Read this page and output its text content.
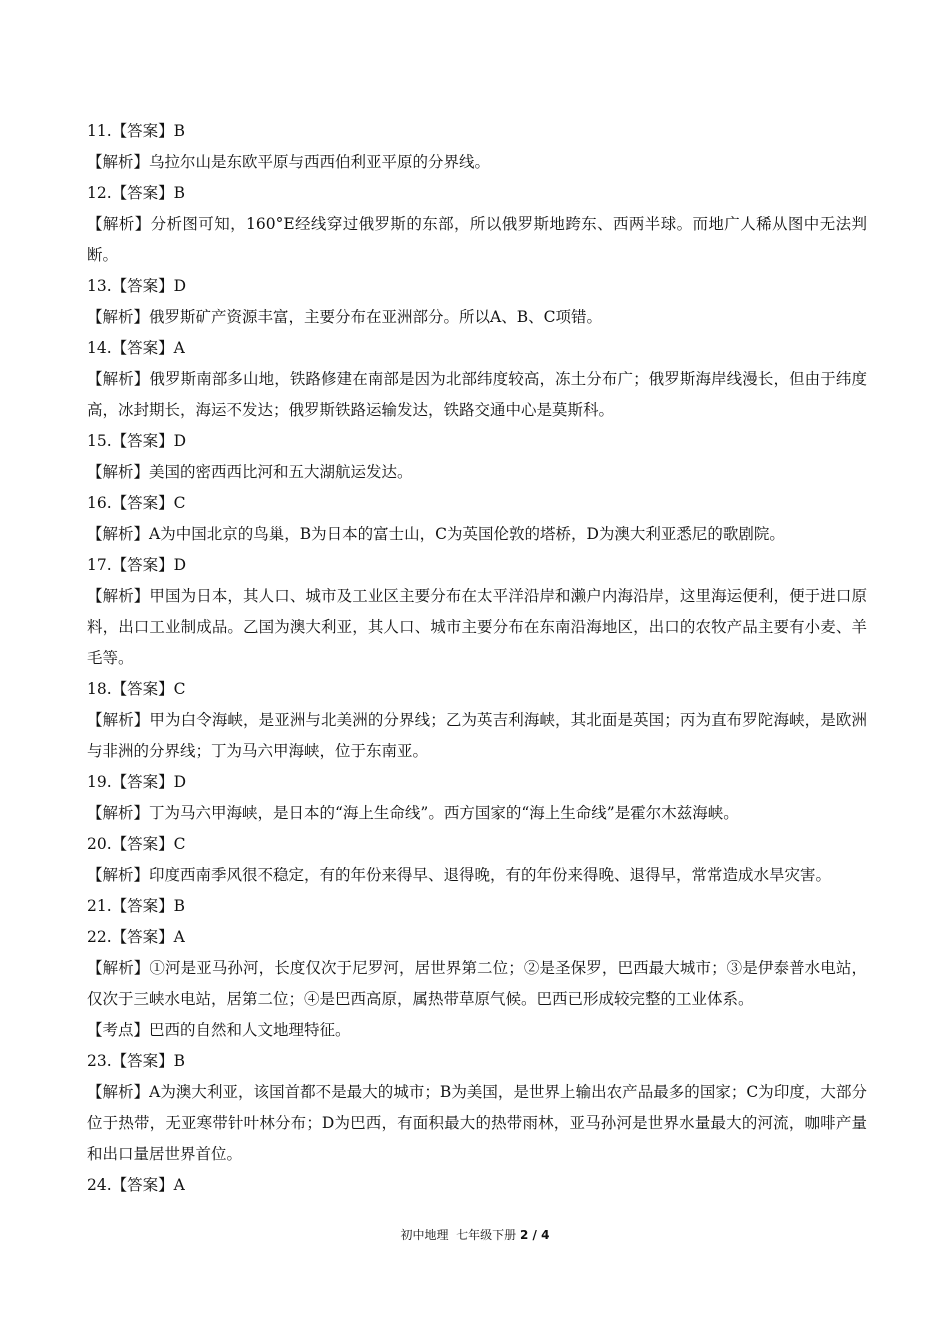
11.【答案】B
【解析】乌拉尔山是东欧平原与西西伯利亚平原的分界线。
12.【答案】B
【解析】分析图可知，160°E经线穿过俄罗斯的东部，所以俄罗斯地跨东、西两半球。而地广人稀从图中无法判断。
13.【答案】D
【解析】俄罗斯矿产资源丰富，主要分布在亚洲部分。所以A、B、C项错。
14.【答案】A
【解析】俄罗斯南部多山地，铁路修建在南部是因为北部纬度较高，冻土分布广；俄罗斯海岸线漫长，但由于纬度高，冰封期长，海运不发达；俄罗斯铁路运输发达，铁路交通中心是莫斯科。
15.【答案】D
【解析】美国的密西西比河和五大湖航运发达。
16.【答案】C
【解析】A为中国北京的鸟巢，B为日本的富士山，C为英国伦敦的塔桥，D为澳大利亚悉尼的歌剧院。
17.【答案】D
【解析】甲国为日本，其人口、城市及工业区主要分布在太平洋沿岸和濑户内海沿岸，这里海运便利，便于进口原料，出口工业制成品。乙国为澳大利亚，其人口、城市主要分布在东南沿海地区，出口的农牧产品主要有小麦、羊毛等。
18.【答案】C
【解析】甲为白令海峡，是亚洲与北美洲的分界线；乙为英吉利海峡，其北面是英国；丙为直布罗陀海峡，是欧洲与非洲的分界线；丁为马六甲海峡，位于东南亚。
19.【答案】D
【解析】丁为马六甲海峡，是日本的“海上生命线”。西方国家的“海上生命线”是霍尔木兹海峡。
20.【答案】C
【解析】印度西南季风很不稳定，有的年份来得早、退得晚，有的年份来得晚、退得早，常常造成水旱灾害。
21.【答案】B
22.【答案】A
【解析】①河是亚马孙河，长度仅次于尼罗河，居世界第二位；②是圣保罗，巴西最大城市；③是伊泰普水电站，仅次于三峡水电站，居第二位；④是巴西高原，属热带草原气候。巴西已形成较完整的工业体系。
【考点】巴西的自然和人文地理特征。
23.【答案】B
【解析】A为澳大利亚，该国首都不是最大的城市；B为美国，是世界上输出农产品最多的国家；C为印度，大部分位于热带，无亚寒带针叶林分布；D为巴西，有面积最大的热带雨林，亚马孙河是世界水量最大的河流，咖啡产量和出口量居世界首位。
24.【答案】A
初中地理  七年级下册 2 / 4
